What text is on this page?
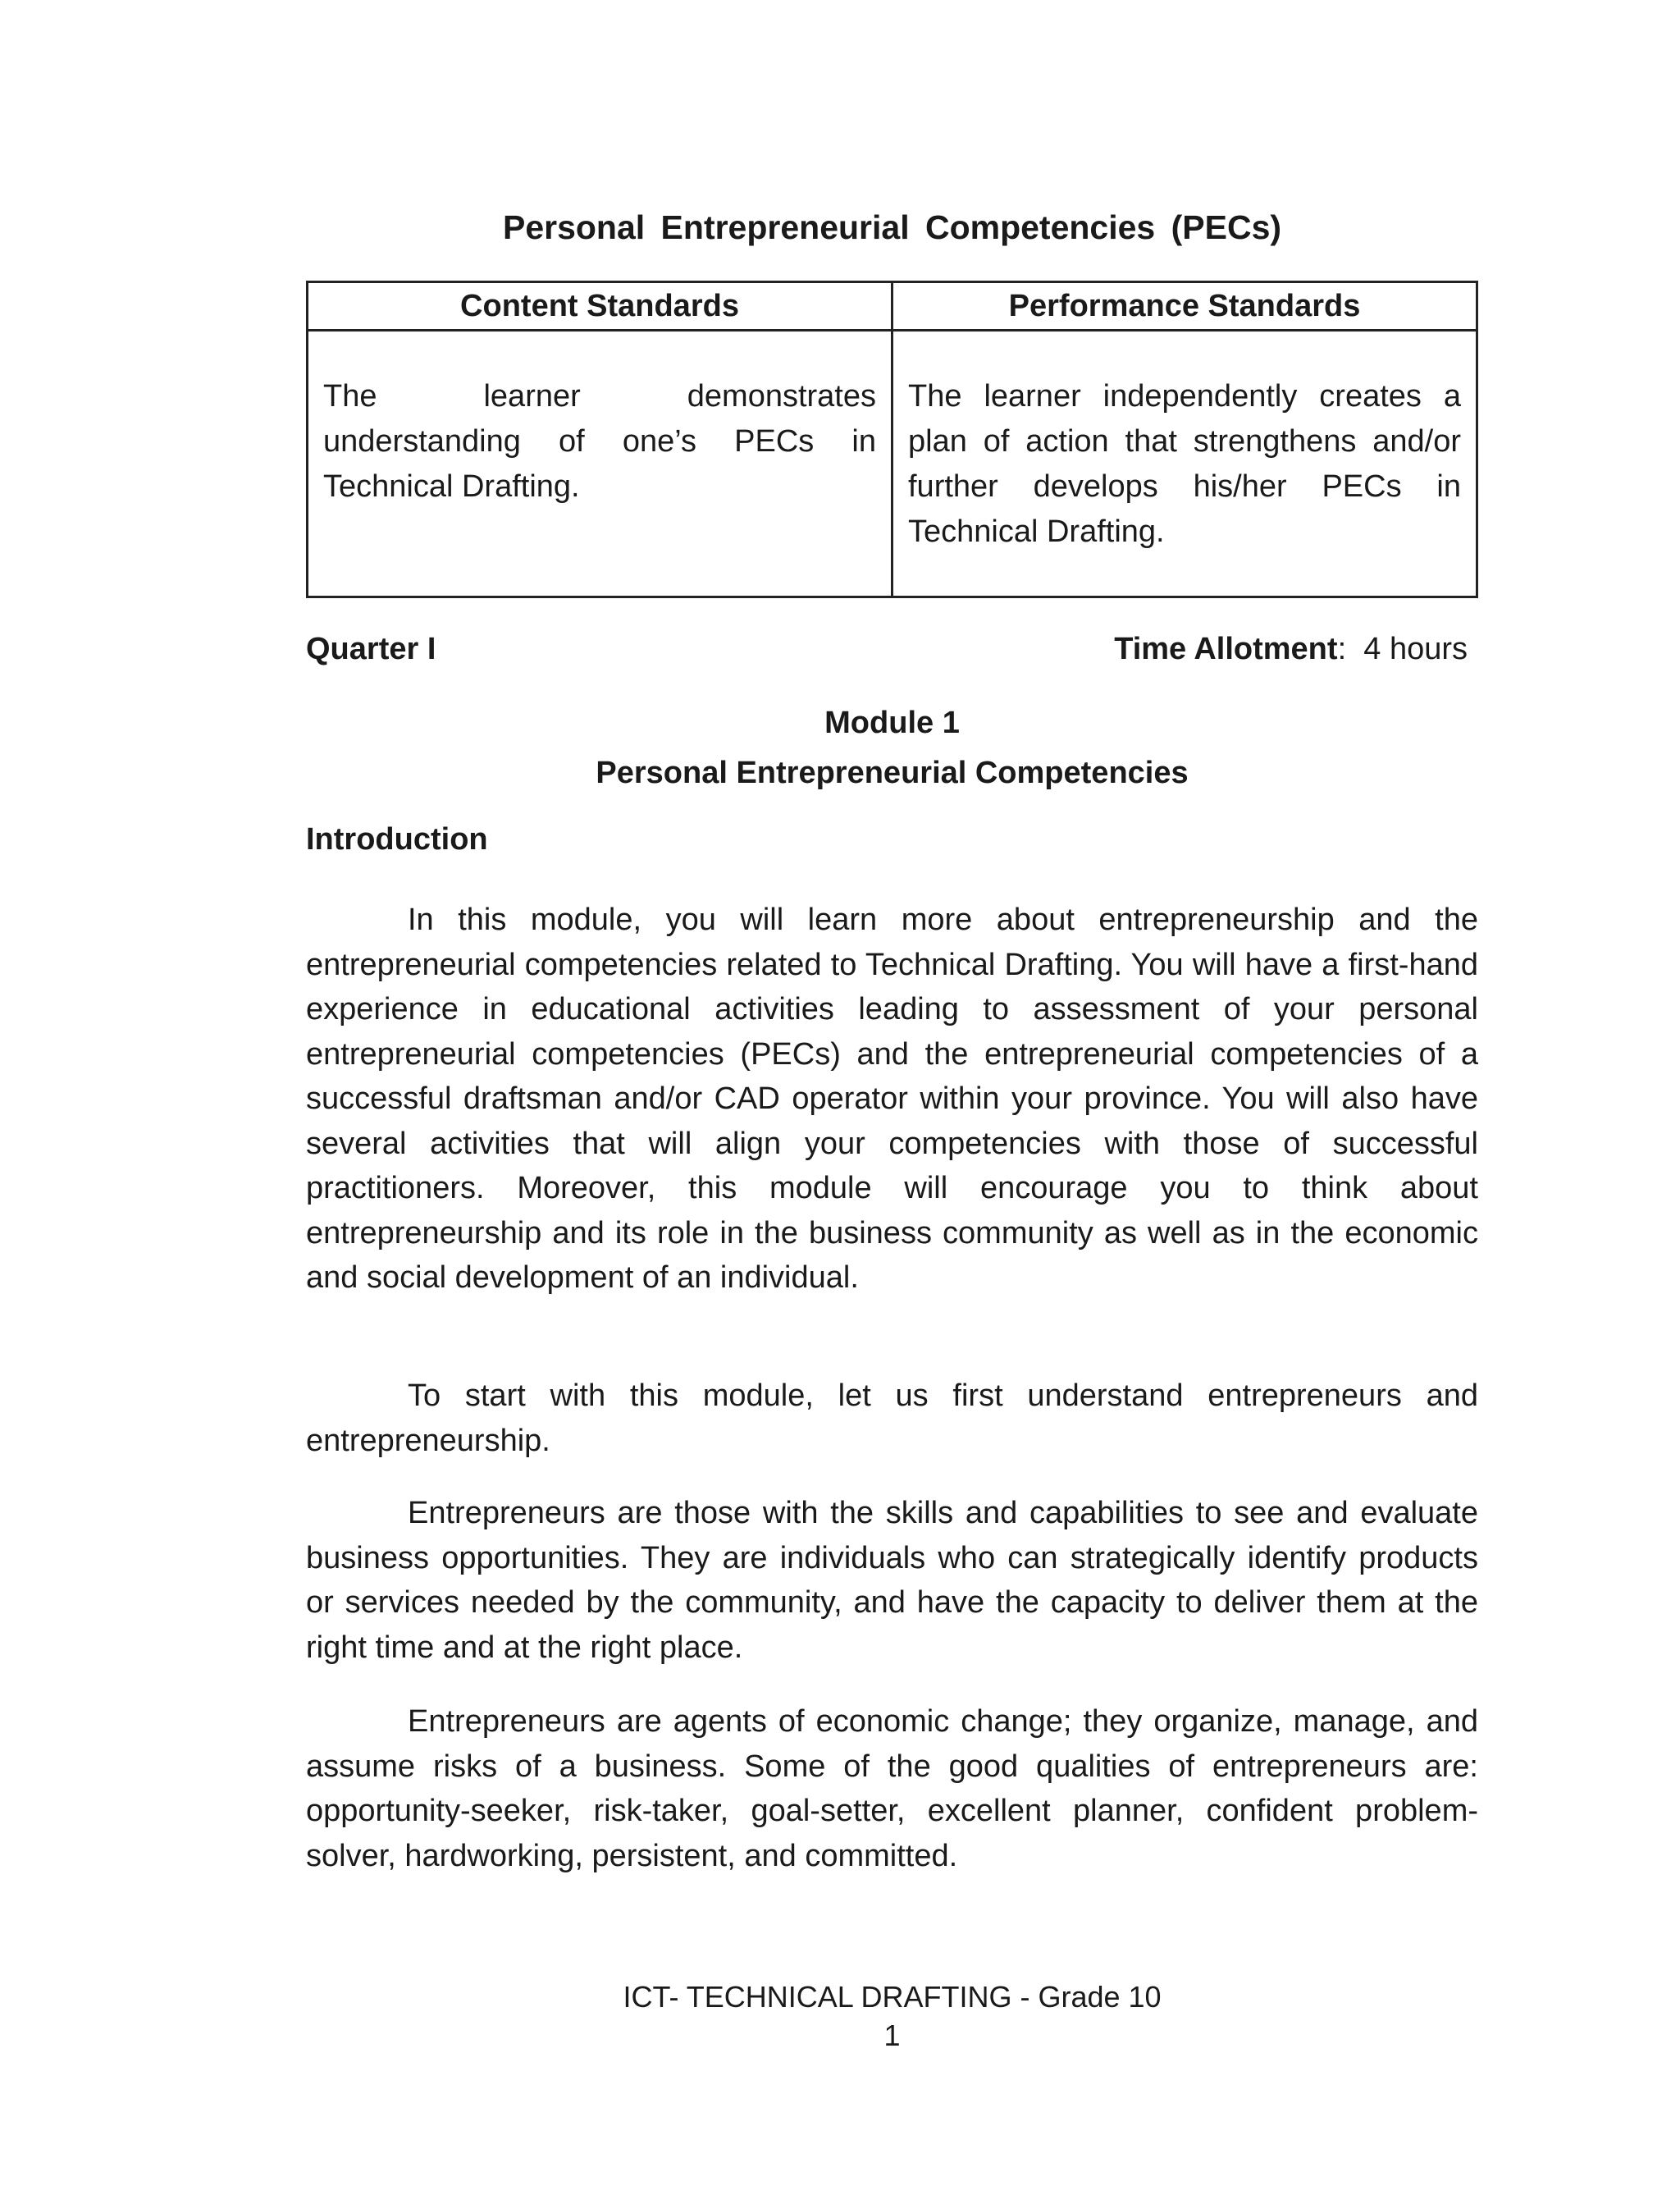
Personal Entrepreneurial Competencies (PECs)
Content Standards	Performance Standards
The learner demonstrates understanding of one’s PECs in Technical Drafting.	The learner independently creates a plan of action that strengthens and/or further develops his/her PECs in Technical Drafting.
Quarter I	Time Allotment:  4 hours
Module 1
Personal Entrepreneurial Competencies
Introduction

In this module, you will learn more about entrepreneurship and the entrepreneurial competencies related to Technical Drafting. You will have a first-hand experience in educational activities leading to assessment of your personal entrepreneurial competencies (PECs) and the entrepreneurial competencies of a successful draftsman and/or CAD operator within your province. You will also have several activities that will align your competencies with those of successful practitioners. Moreover, this module will encourage you to think about entrepreneurship and its role in the business community as well as in the economic and social development of an individual.

To start with this module, let us first understand entrepreneurs and entrepreneurship.

Entrepreneurs are those with the skills and capabilities to see and evaluate business opportunities. They are individuals who can strategically identify products or services needed by the community, and have the capacity to deliver them at the right time and at the right place.

Entrepreneurs are agents of economic change; they organize, manage, and assume risks of a business. Some of the good qualities of entrepreneurs are: opportunity-seeker, risk-taker, goal-setter, excellent planner, confident problem-solver, hardworking, persistent, and committed.

ICT- TECHNICAL DRAFTING - Grade 10
1
